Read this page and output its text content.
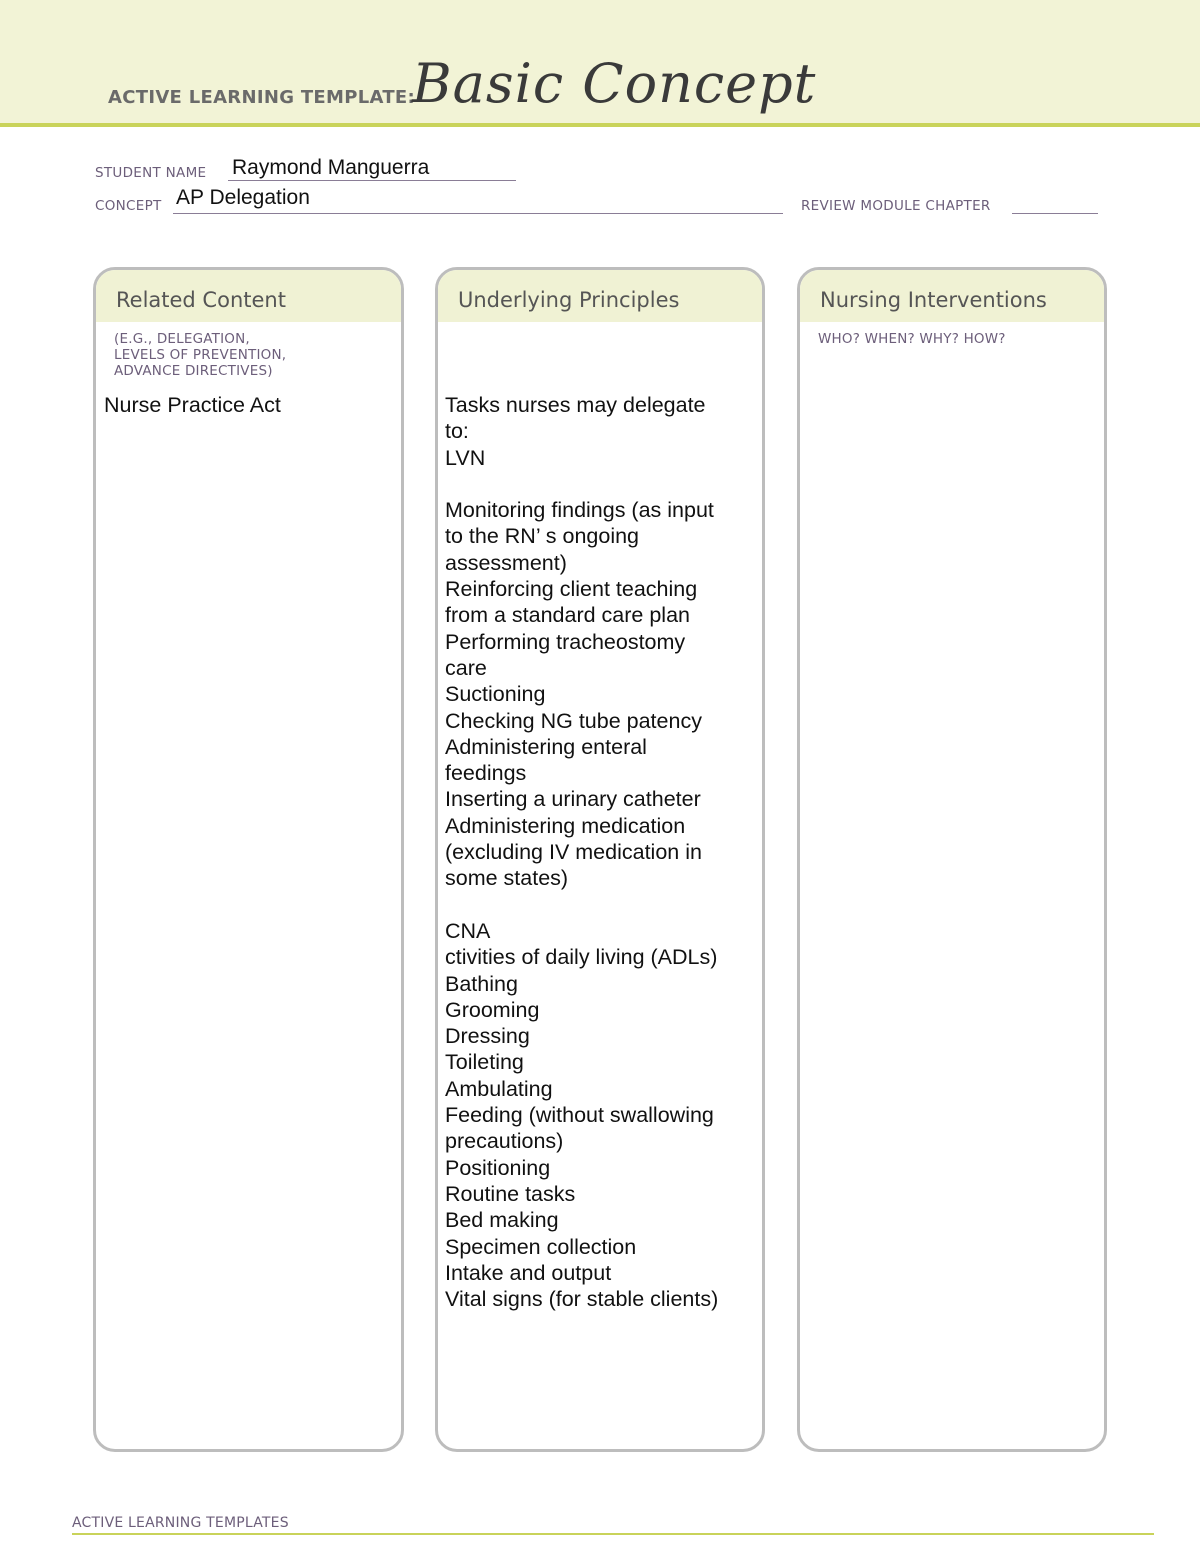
ACTIVE LEARNING TEMPLATE:
Basic Concept
STUDENT NAME Raymond Manguerra
CONCEPT AP Delegation	REVIEW MODULE CHAPTER
Related Content
(E.G., DELEGATION,
LEVELS OF PREVENTION,
ADVANCE DIRECTIVES)
Nurse Practice Act
Underlying Principles
Tasks nurses may delegate
to:
LVN

Monitoring findings (as input
to the RN’ s ongoing
assessment)
Reinforcing client teaching
from a standard care plan
Performing tracheostomy
care
Suctioning
Checking NG tube patency
Administering enteral
feedings
Inserting a urinary catheter
Administering medication
(excluding IV medication in
some states)

CNA
ctivities of daily living (ADLs)
Bathing
Grooming
Dressing
Toileting
Ambulating
Feeding (without swallowing
precautions)
Positioning
Routine tasks
Bed making
Specimen collection
Intake and output
Vital signs (for stable clients)
Nursing Interventions
WHO? WHEN? WHY? HOW?
ACTIVE LEARNING TEMPLATES
